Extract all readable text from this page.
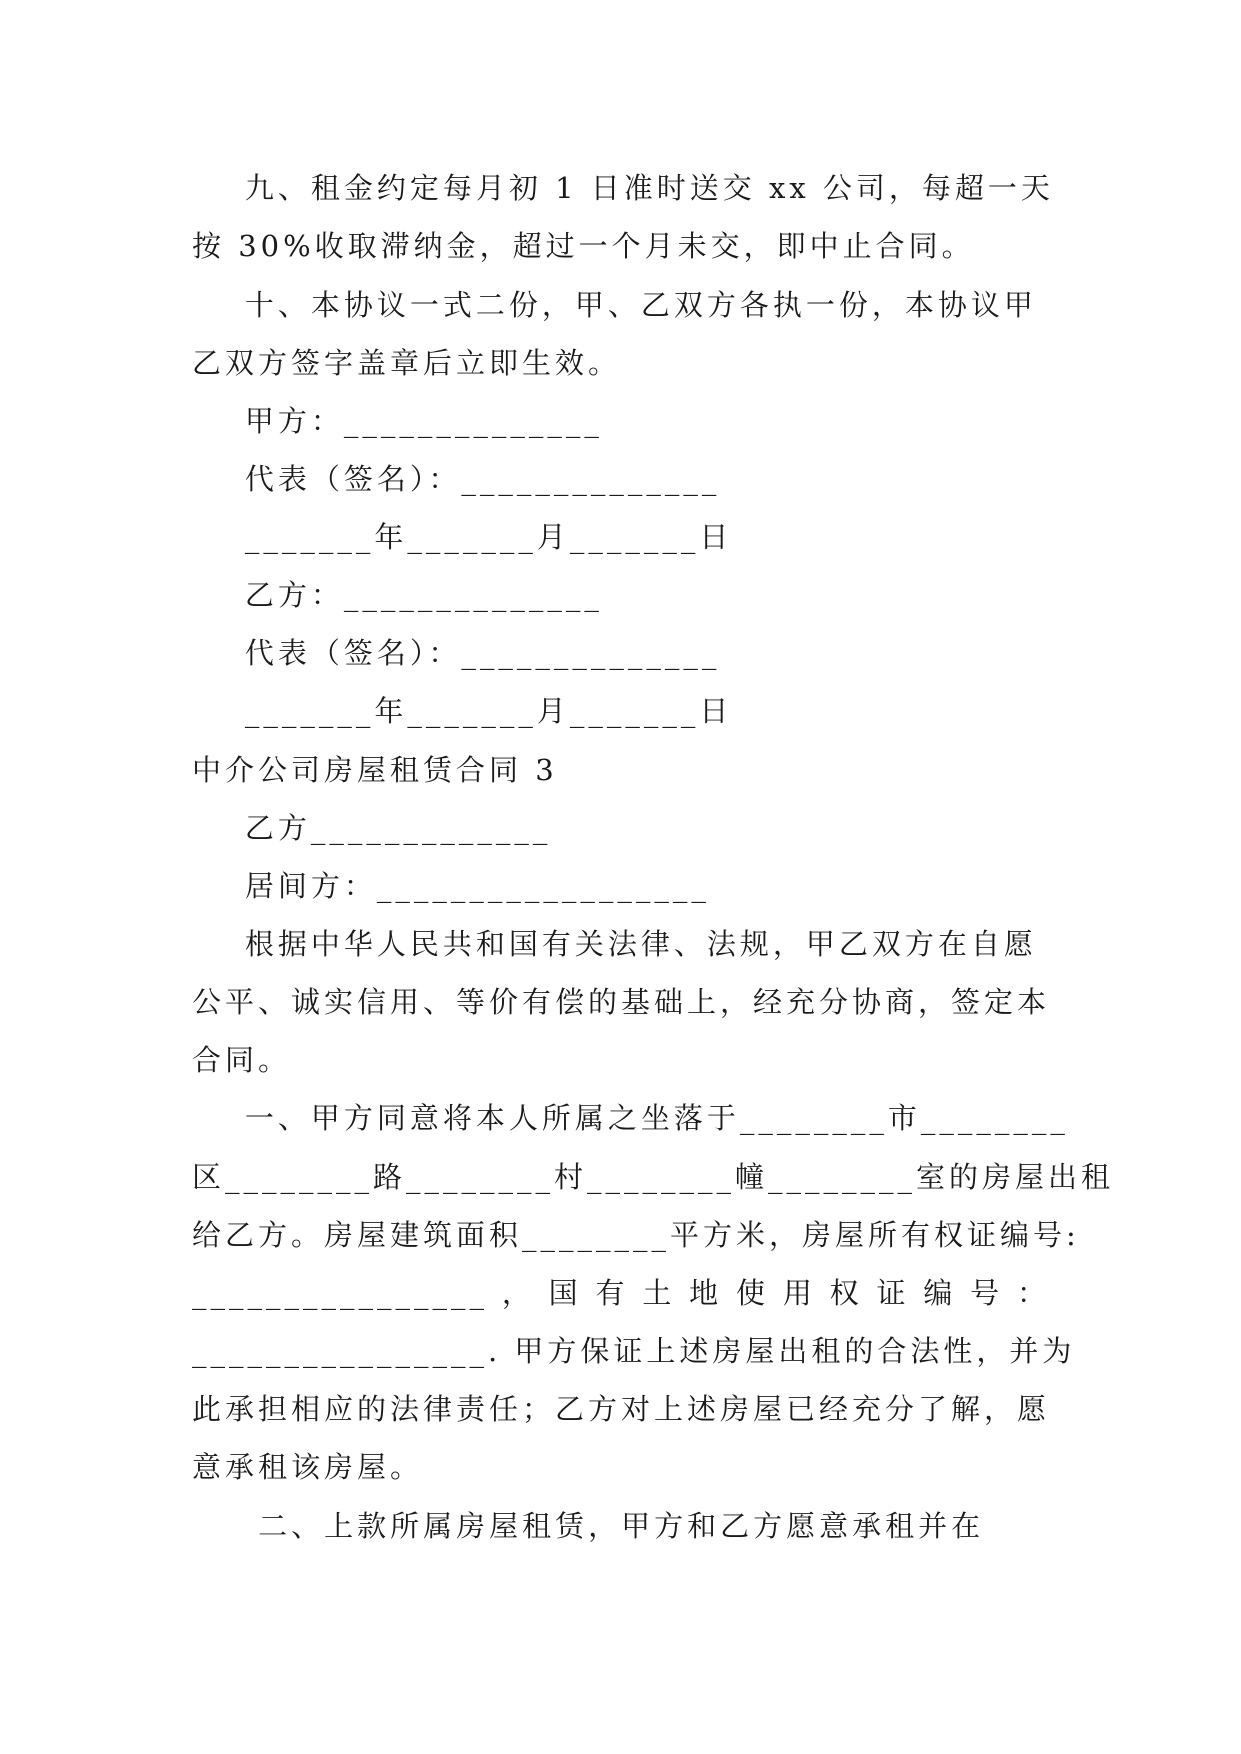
九、租金约定每月初 1 日准时送交 xx 公司，每超一天
按 30%收取滞纳金，超过一个月未交，即中止合同。
十、本协议一式二份，甲、乙双方各执一份，本协议甲
乙双方签字盖章后立即生效。
甲方：______________
代表（签名）：______________
_______年_______月_______日
乙方：______________
代表（签名）：______________
_______年_______月_______日
中介公司房屋租赁合同 3
乙方_____________
居间方：__________________
根据中华人民共和国有关法律、法规，甲乙双方在自愿
公平、诚实信用、等价有偿的基础上，经充分协商，签定本
合同。
一、甲方同意将本人所属之坐落于________市________
区________路________村________幢________室的房屋出租
给乙方。房屋建筑面积________平方米，房屋所有权证编号:
________________，国有土地使用权证编号：
________________. 甲方保证上述房屋出租的合法性，并为
此承担相应的法律责任；乙方对上述房屋已经充分了解，愿
意承租该房屋。
二、上款所属房屋租赁，甲方和乙方愿意承租并在
